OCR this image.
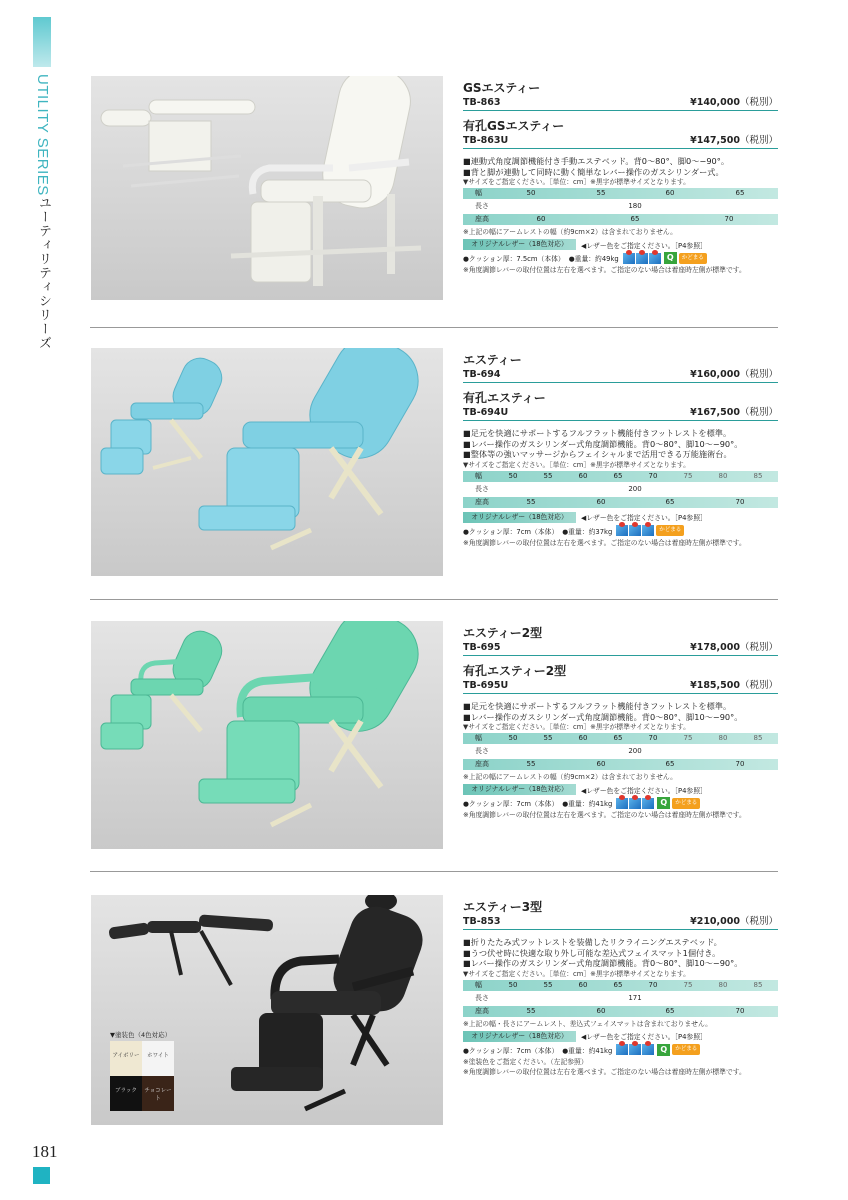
UTILITY SERIES
ユーティリティシリーズ
181
GSエスティー
TB-863	¥140,000（税別）
有孔GSエスティー
TB-863U	¥147,500（税別）
■連動式角度調節機能付き手動エステベッド。背0〜80°、脚0〜−90°。
■背と脚が連動して同時に動く簡単なレバー操作のガスシリンダー式。
▼サイズをご指定ください。［単位：cm］※黒字が標準サイズとなります。
幅	50	55	60	65
長さ	180
座高	60	65	70
※上記の幅にアームレストの幅（約9cm×2）は含まれておりません。
オリジナルレザー（18色対応）	◀レザー色をご指定ください。［P4参照］
●クッション厚：7.5cm（本体） ●重量：約49kg	Q	かどまる
※角度調節レバーの取付位置は左右を選べます。ご指定のない場合は着座時左側が標準です。
エスティー
TB-694	¥160,000（税別）
有孔エスティー
TB-694U	¥167,500（税別）
■足元を快適にサポートするフルフラット機能付きフットレストを標準。
■レバー操作のガスシリンダー式角度調節機能。背0〜80°、脚10〜−90°。
■整体等の強いマッサージからフェイシャルまで活用できる万能施術台。
▼サイズをご指定ください。［単位：cm］※黒字が標準サイズとなります。
幅	50	55	60	65	70	75	80	85
長さ	200
座高	55	60	65	70
オリジナルレザー（18色対応）	◀レザー色をご指定ください。［P4参照］
●クッション厚：7cm（本体） ●重量：約37kg	かどまる
※角度調節レバーの取付位置は左右を選べます。ご指定のない場合は着座時左側が標準です。
エスティー2型
TB-695	¥178,000（税別）
有孔エスティー2型
TB-695U	¥185,500（税別）
■足元を快適にサポートするフルフラット機能付きフットレストを標準。
■レバー操作のガスシリンダー式角度調節機能。背0〜80°、脚10〜−90°。
▼サイズをご指定ください。［単位：cm］※黒字が標準サイズとなります。
幅	50	55	60	65	70	75	80	85
長さ	200
座高	55	60	65	70
※上記の幅にアームレストの幅（約9cm×2）は含まれておりません。
オリジナルレザー（18色対応）	◀レザー色をご指定ください。［P4参照］
●クッション厚：7cm（本体） ●重量：約41kg	Q	かどまる
※角度調節レバーの取付位置は左右を選べます。ご指定のない場合は着座時左側が標準です。
▼塗装色（4色対応）
アイボリー	ホワイト
ブラック	チョコレート
エスティー3型
TB-853	¥210,000（税別）
■折りたたみ式フットレストを装備したリクライニングエステベッド。
■うつ伏せ時に快適な取り外し可能な差込式フェイスマット1個付き。
■レバー操作のガスシリンダー式角度調節機能。背0〜80°、脚10〜−90°。
▼サイズをご指定ください。［単位：cm］※黒字が標準サイズとなります。
幅	50	55	60	65	70	75	80	85
長さ	171
座高	55	60	65	70
※上記の幅・長さにアームレスト、差込式フェイスマットは含まれておりません。
オリジナルレザー（18色対応）	◀レザー色をご指定ください。［P4参照］
●クッション厚：7cm（本体） ●重量：約41kg	Q	かどまる
※塗装色をご指定ください。（左記参照）
※角度調節レバーの取付位置は左右を選べます。ご指定のない場合は着座時左側が標準です。
